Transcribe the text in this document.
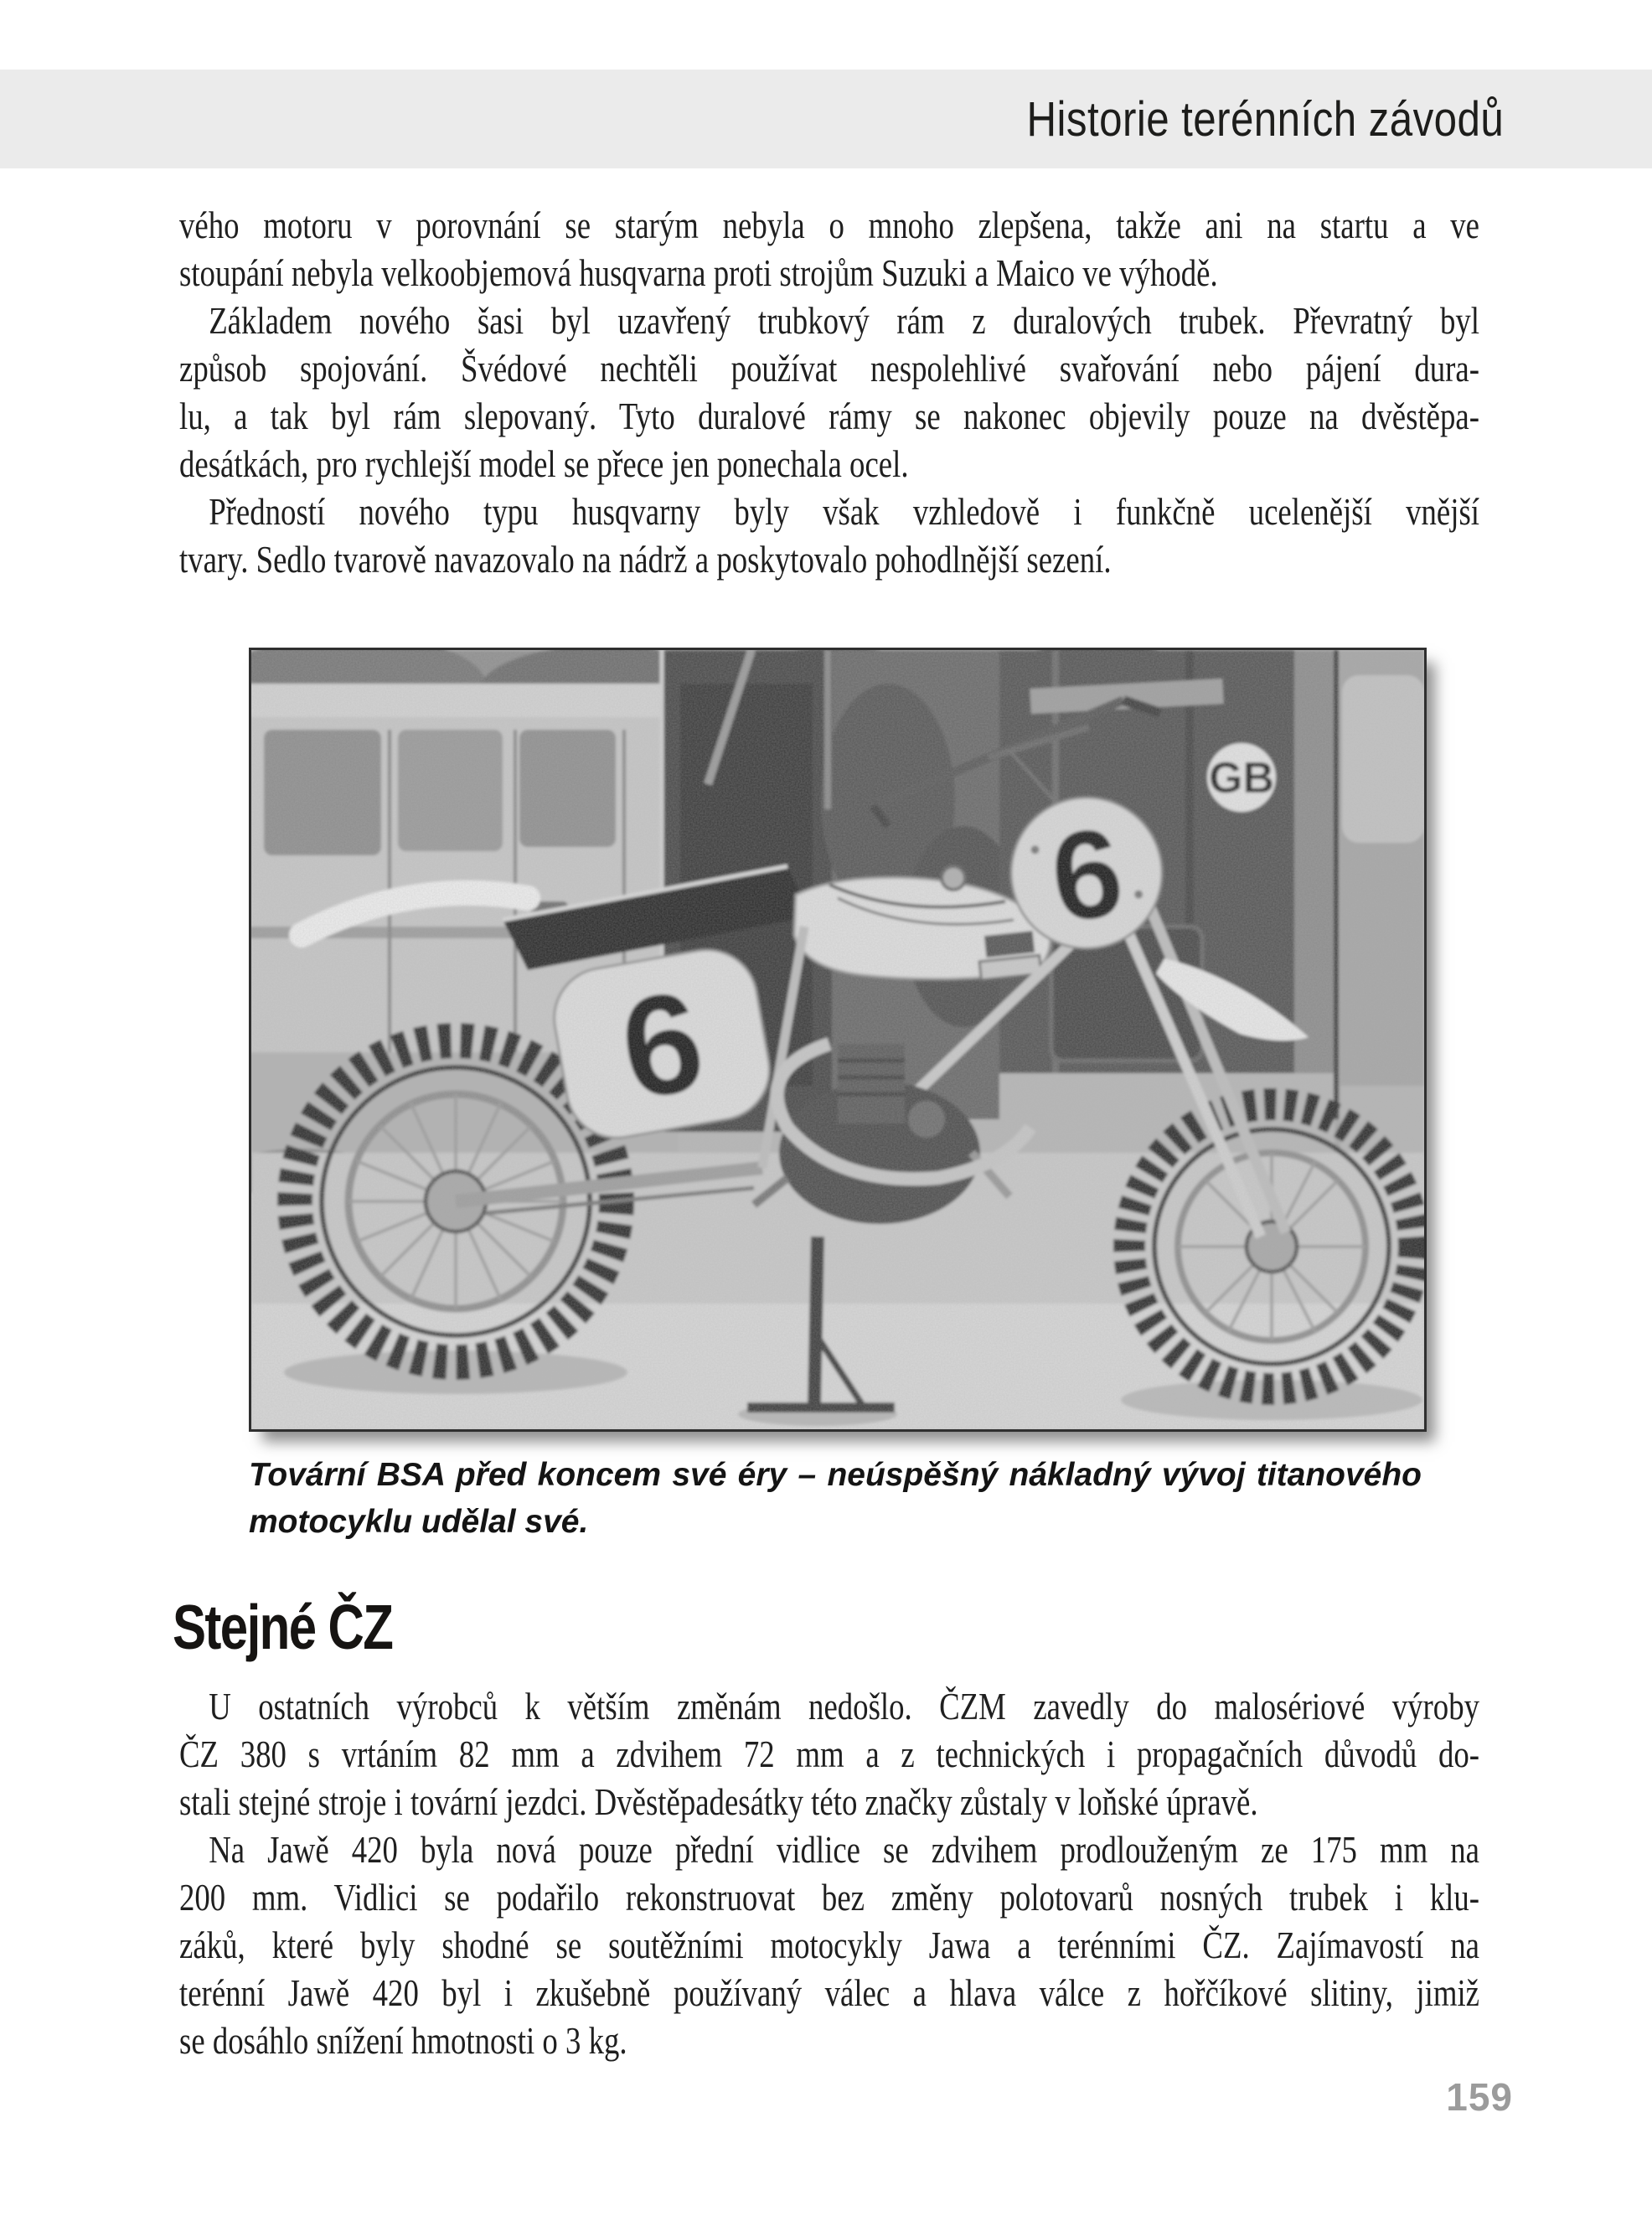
Historie terénních závodů
vého motoru v porovnání se starým nebyla o mnoho zlepšena, takže ani na startu a ve
stoupání nebyla velkoobjemová husqvarna proti strojům Suzuki a Maico ve výhodě.
Základem nového šasi byl uzavřený trubkový rám z duralových trubek. Převratný byl
způsob spojování. Švédové nechtěli používat nespolehlivé svařování nebo pájení dura-
lu, a tak byl rám slepovaný. Tyto duralové rámy se nakonec objevily pouze na dvěstěpa-
desátkách, pro rychlejší model se přece jen ponechala ocel.
Předností nového typu husqvarny byly však vzhledově i funkčně ucelenější vnější
tvary. Sedlo tvarově navazovalo na nádrž a poskytovalo pohodlnější sezení.
Tovární BSA před koncem své éry – neúspěšný nákladný vývoj titanového
motocyklu udělal své.
Stejné ČZ
U ostatních výrobců k větším změnám nedošlo. ČZM zavedly do malosériové výroby
ČZ 380 s vrtáním 82 mm a zdvihem 72 mm a z technických i propagačních důvodů do-
stali stejné stroje i tovární jezdci. Dvěstěpadesátky této značky zůstaly v loňské úpravě.
Na Jawě 420 byla nová pouze přední vidlice se zdvihem prodlouženým ze 175 mm na
200 mm. Vidlici se podařilo rekonstruovat bez změny polotovarů nosných trubek i klu-
záků, které byly shodné se soutěžními motocykly Jawa a terénními ČZ. Zajímavostí na
terénní Jawě 420 byl i zkušebně používaný válec a hlava válce z hořčíkové slitiny, jimiž
se dosáhlo snížení hmotnosti o 3 kg.
159
